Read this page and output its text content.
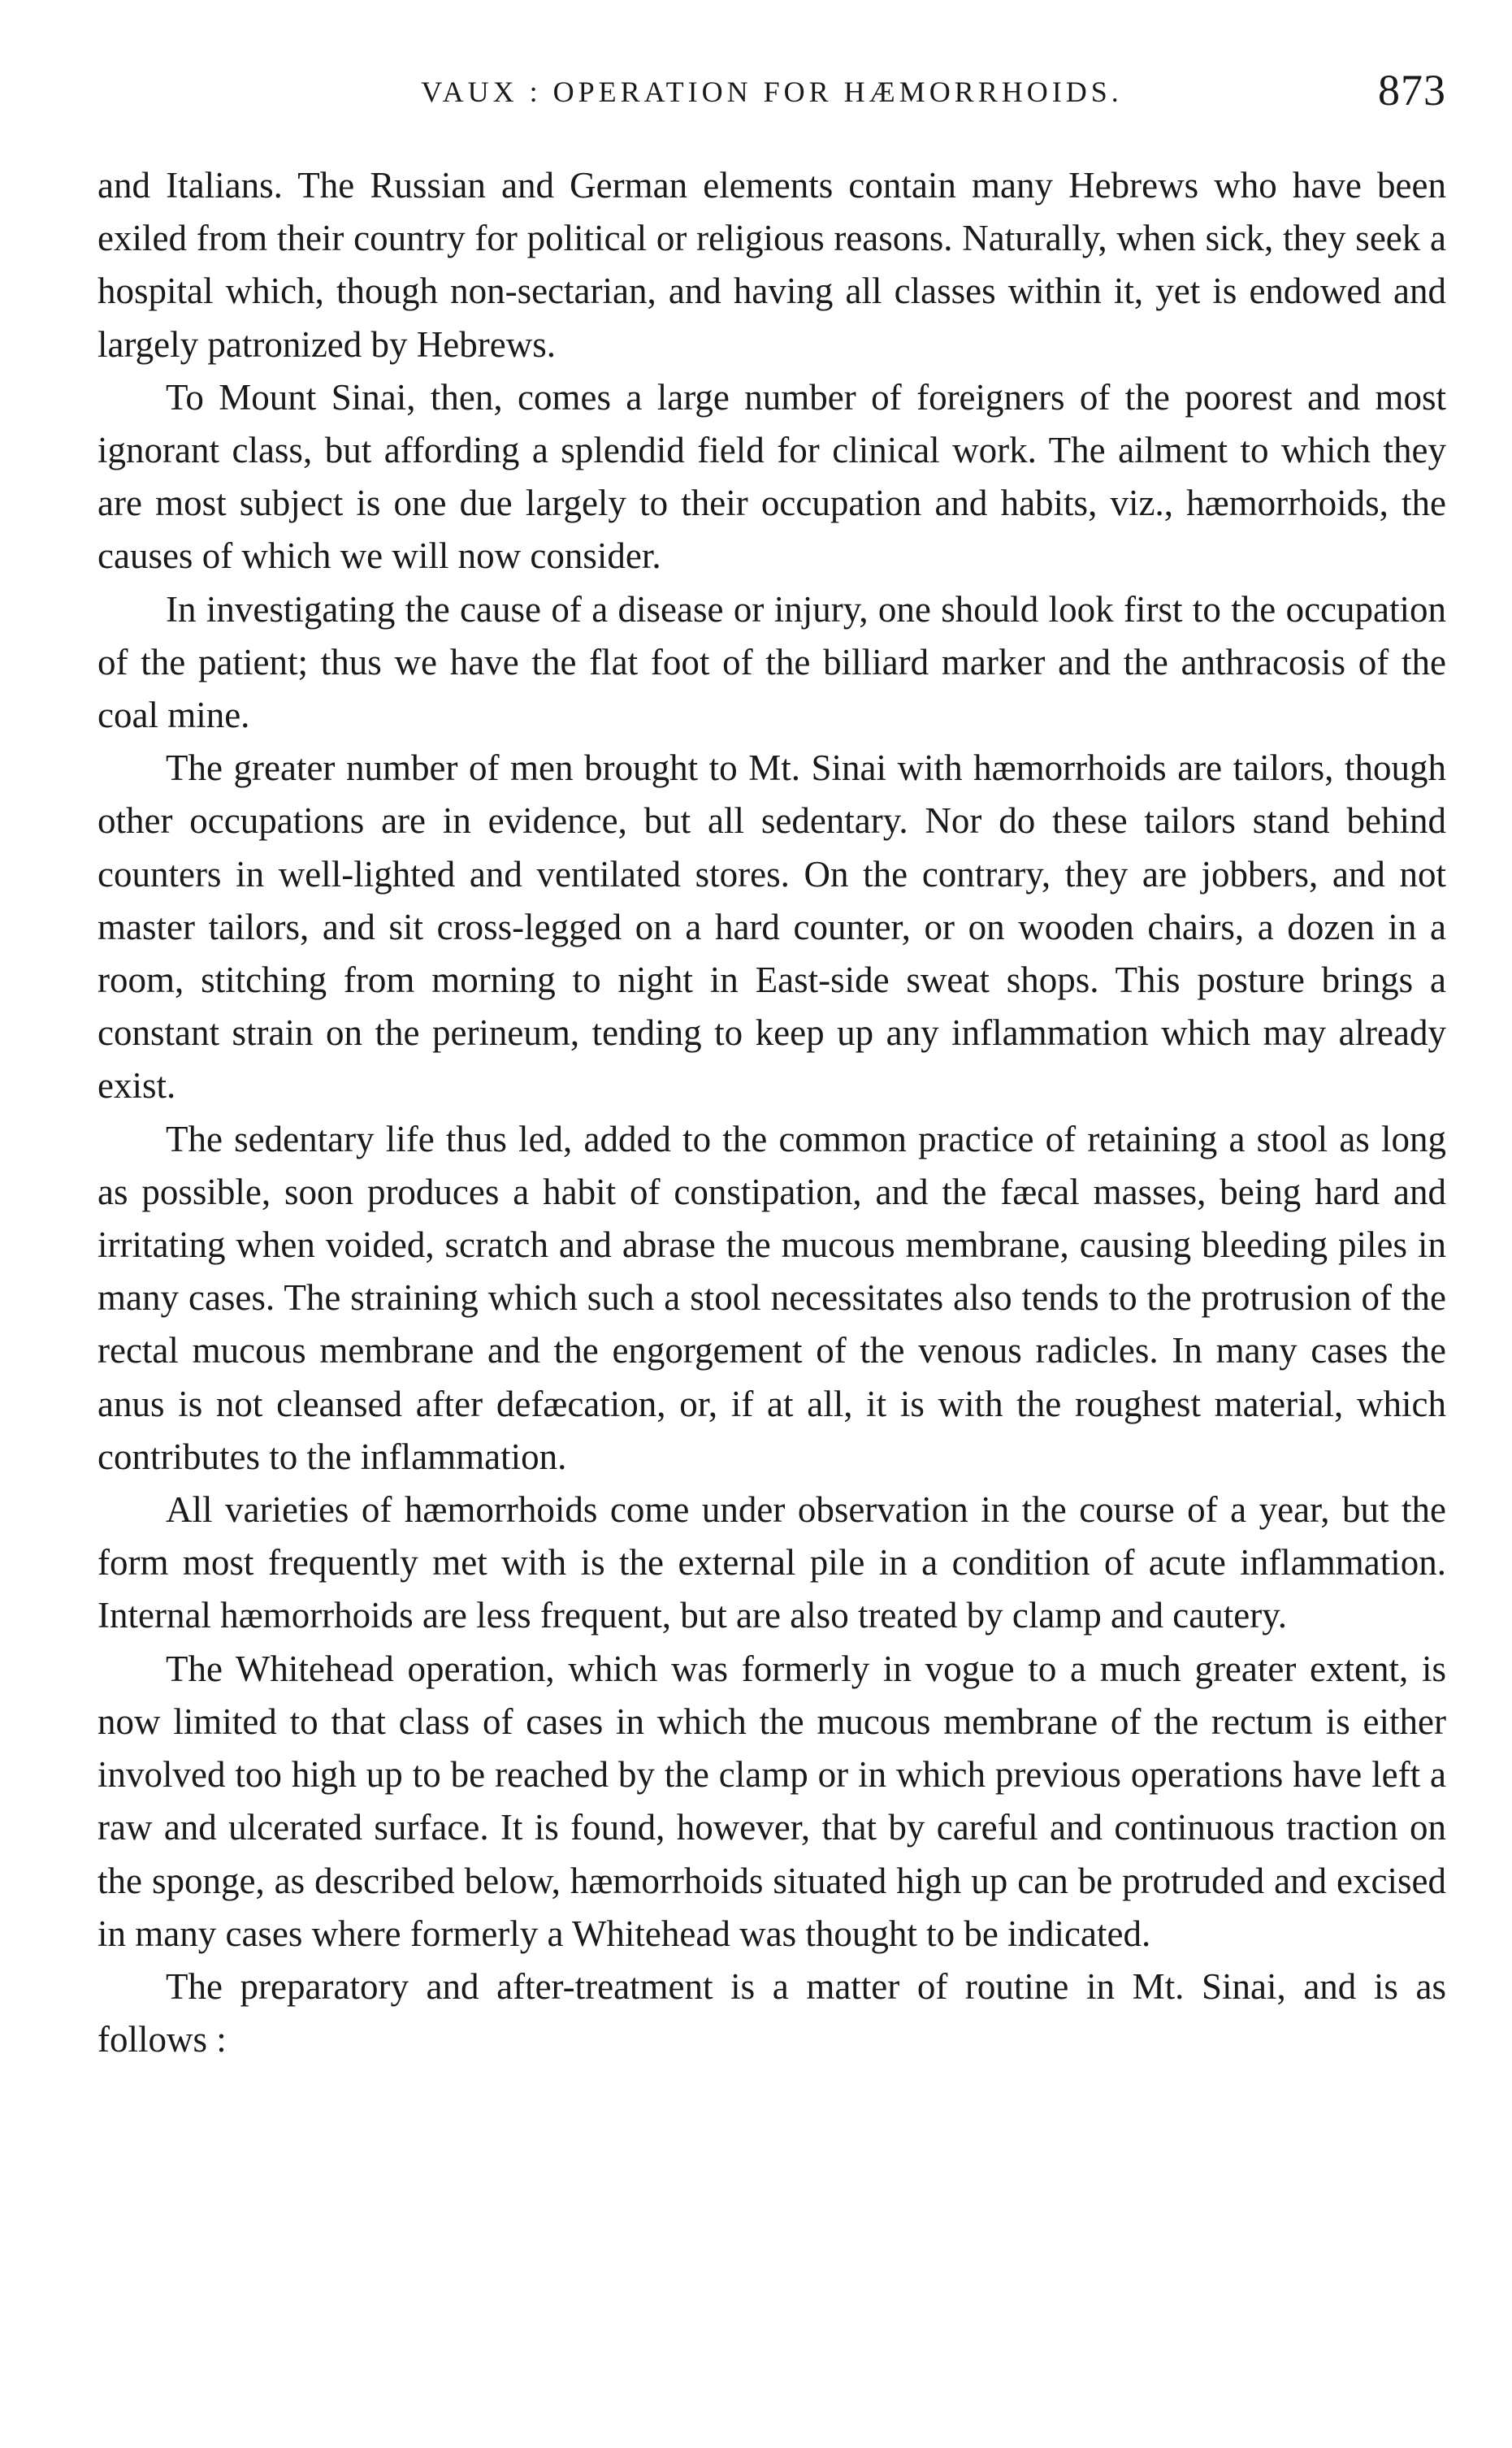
VAUX : OPERATION FOR HÆMORRHOIDS.	873

and Italians. The Russian and German elements contain many Hebrews who have been exiled from their country for political or religious reasons. Naturally, when sick, they seek a hospital which, though non-sectarian, and having all classes within it, yet is endowed and largely patronized by Hebrews.

To Mount Sinai, then, comes a large number of foreigners of the poorest and most ignorant class, but affording a splendid field for clinical work. The ailment to which they are most subject is one due largely to their occupation and habits, viz., hæmorrhoids, the causes of which we will now consider.

In investigating the cause of a disease or injury, one should look first to the occupation of the patient; thus we have the flat foot of the billiard marker and the anthracosis of the coal mine.

The greater number of men brought to Mt. Sinai with hæmorrhoids are tailors, though other occupations are in evidence, but all sedentary. Nor do these tailors stand behind counters in well-lighted and ventilated stores. On the contrary, they are jobbers, and not master tailors, and sit cross-legged on a hard counter, or on wooden chairs, a dozen in a room, stitching from morning to night in East-side sweat shops. This posture brings a constant strain on the perineum, tending to keep up any inflammation which may already exist.

The sedentary life thus led, added to the common practice of retaining a stool as long as possible, soon produces a habit of constipation, and the fæcal masses, being hard and irritating when voided, scratch and abrase the mucous membrane, causing bleeding piles in many cases. The straining which such a stool necessitates also tends to the protrusion of the rectal mucous membrane and the engorgement of the venous radicles. In many cases the anus is not cleansed after defæcation, or, if at all, it is with the roughest material, which contributes to the inflammation.

All varieties of hæmorrhoids come under observation in the course of a year, but the form most frequently met with is the external pile in a condition of acute inflammation. Internal hæmorrhoids are less frequent, but are also treated by clamp and cautery.

The Whitehead operation, which was formerly in vogue to a much greater extent, is now limited to that class of cases in which the mucous membrane of the rectum is either involved too high up to be reached by the clamp or in which previous operations have left a raw and ulcerated surface. It is found, however, that by careful and continuous traction on the sponge, as described below, hæmorrhoids situated high up can be protruded and excised in many cases where formerly a Whitehead was thought to be indicated.

The preparatory and after-treatment is a matter of routine in Mt. Sinai, and is as follows :
